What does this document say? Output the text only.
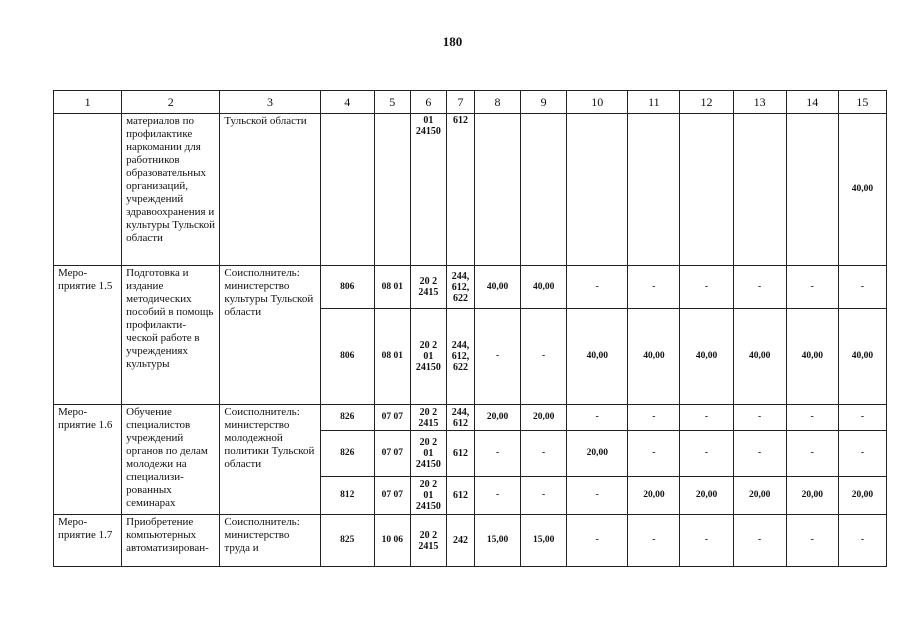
180
1	2	3	4	5	6	7	8	9	10	11	12	13	14	15
	материалов по профилактике наркомании для работников образовательных организаций, учреждений здравоохранения и культуры Тульской области	Тульской области			01 24150	612								40,00
Меро-приятие 1.5	Подготовка и издание методических пособий в помощь профилакти-ческой работе в учреждениях культуры	Соисполнитель: министерство культуры Тульской области	806	08 01	20 2 2415	244, 612, 622	40,00	40,00	-	-	-	-	-	-
			806	08 01	20 2 01 24150	244, 612, 622	-	-	40,00	40,00	40,00	40,00	40,00	40,00
Меро-приятие 1.6	Обучение специалистов учреждений органов по делам молодежи на специализи-рованных семинарах	Соисполнитель: министерство молодежной политики Тульской области	826	07 07	20 2 2415	244, 612	20,00	20,00	-	-	-	-	-	-
			826	07 07	20 2 01 24150	612	-	-	20,00	-	-	-	-	-
			812	07 07	20 2 01 24150	612	-	-	-	20,00	20,00	20,00	20,00	20,00
Меро-приятие 1.7	Приобретение компьютерных автоматизирован-	Соисполнитель: министерство труда и	825	10 06	20 2 2415	242	15,00	15,00	-	-	-	-	-	-
